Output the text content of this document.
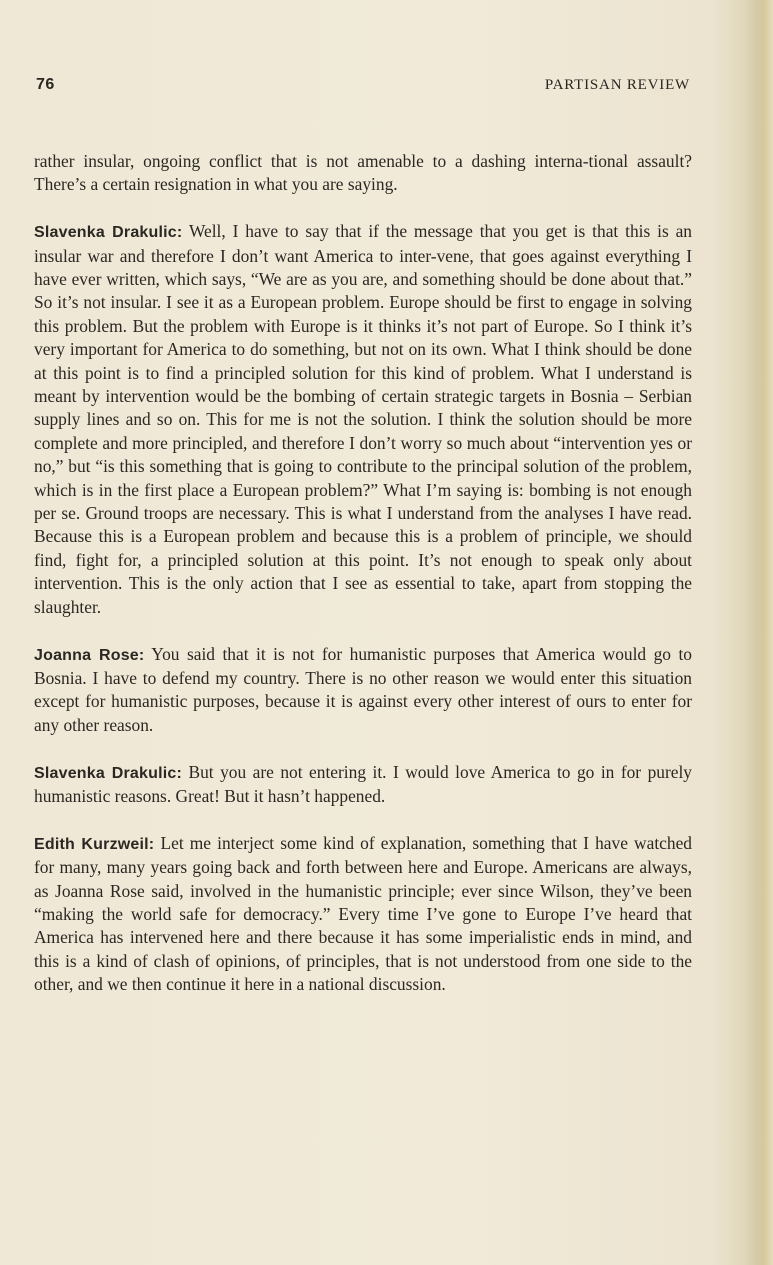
76	PARTISAN REVIEW

rather insular, ongoing conflict that is not amenable to a dashing interna-tional assault? There’s a certain resignation in what you are saying.

Slavenka Drakulic: Well, I have to say that if the message that you get is that this is an insular war and therefore I don’t want America to inter-vene, that goes against everything I have ever written, which says, “We are as you are, and something should be done about that.” So it’s not insular. I see it as a European problem. Europe should be first to engage in solving this problem. But the problem with Europe is it thinks it’s not part of Europe. So I think it’s very important for America to do something, but not on its own. What I think should be done at this point is to find a principled solution for this kind of problem. What I understand is meant by intervention would be the bombing of certain strategic targets in Bosnia – Serbian supply lines and so on. This for me is not the solution. I think the solution should be more complete and more principled, and therefore I don’t worry so much about “intervention yes or no,” but “is this something that is going to contribute to the principal solution of the problem, which is in the first place a European problem?” What I’m saying is: bombing is not enough per se. Ground troops are necessary. This is what I understand from the analyses I have read. Because this is a European problem and because this is a problem of principle, we should find, fight for, a principled solution at this point. It’s not enough to speak only about intervention. This is the only action that I see as essential to take, apart from stopping the slaughter.

Joanna Rose: You said that it is not for humanistic purposes that America would go to Bosnia. I have to defend my country. There is no other reason we would enter this situation except for humanistic purposes, because it is against every other interest of ours to enter for any other reason.

Slavenka Drakulic: But you are not entering it. I would love America to go in for purely humanistic reasons. Great! But it hasn’t happened.

Edith Kurzweil: Let me interject some kind of explanation, something that I have watched for many, many years going back and forth between here and Europe. Americans are always, as Joanna Rose said, involved in the humanistic principle; ever since Wilson, they’ve been “making the world safe for democracy.” Every time I’ve gone to Europe I’ve heard that America has intervened here and there because it has some imperialistic ends in mind, and this is a kind of clash of opinions, of principles, that is not understood from one side to the other, and we then continue it here in a national discussion.
